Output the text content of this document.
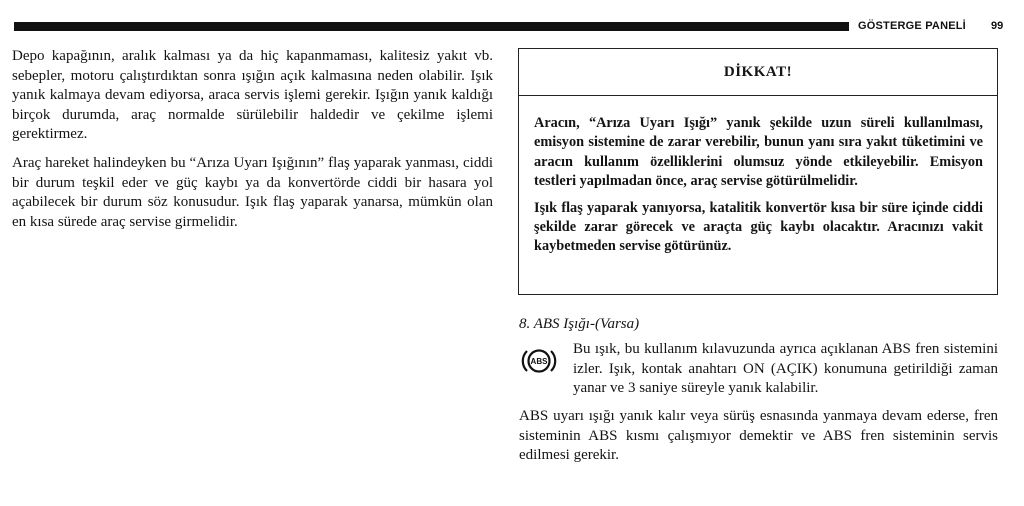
GÖSTERGE PANELİ 99

Depo kapağının, aralık kalması ya da hiç kapanmaması, kalitesiz yakıt vb. sebepler, motoru çalıştırdıktan sonra ışığın açık kalmasına neden olabilir. Işık yanık kalmaya devam ediyorsa, araca servis işlemi gerekir. Işığın yanık kaldığı birçok durumda, araç normalde sürülebilir haldedir ve çekilme işlemi gerektirmez.

Araç hareket halindeyken bu “Arıza Uyarı Işığının” flaş yaparak yanması, ciddi bir durum teşkil eder ve güç kaybı ya da konvertörde ciddi bir hasara yol açabilecek bir durum söz konusudur. Işık flaş yaparak yanarsa, mümkün olan en kısa sürede araç servise girmelidir.

DİKKAT!

Aracın, “Arıza Uyarı Işığı” yanık şekilde uzun süreli kullanılması, emisyon sistemine de zarar verebilir, bunun yanı sıra yakıt tüketimini ve aracın kullanım özelliklerini olumsuz yönde etkileyebilir. Emisyon testleri yapılmadan önce, araç servise götürülmelidir.

Işık flaş yaparak yanıyorsa, katalitik konvertör kısa bir süre içinde ciddi şekilde zarar görecek ve araçta güç kaybı olacaktır. Aracınızı vakit kaybetmeden servise götürünüz.

8. ABS Işığı-(Varsa)
ABS
Bu ışık, bu kullanım kılavuzunda ayrıca açıklanan ABS fren sistemini izler. Işık, kontak anahtarı ON (AÇIK) konumuna getirildiği zaman yanar ve 3 saniye süreyle yanık kalabilir.
ABS uyarı ışığı yanık kalır veya sürüş esnasında yanmaya devam ederse, fren sisteminin ABS kısmı çalışmıyor demektir ve ABS fren sisteminin servis edilmesi gerekir.
